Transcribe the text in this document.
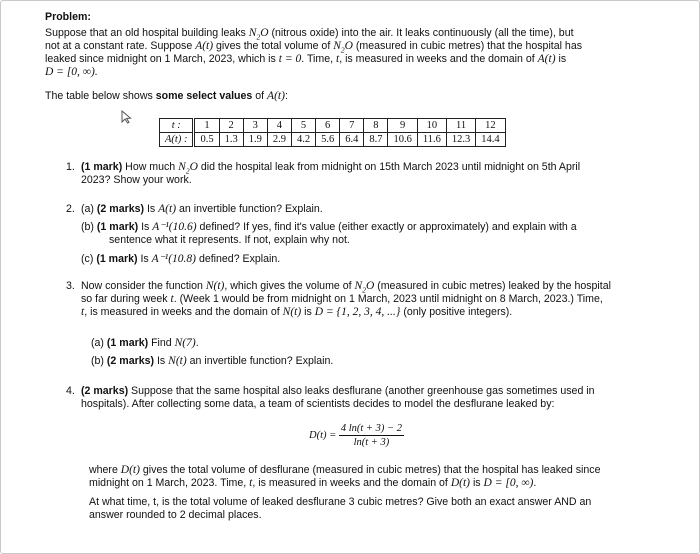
Problem:
Suppose that an old hospital building leaks $N_2O$ (nitrous oxide) into the air. It leaks continuously (all the time), but
not at a constant rate. Suppose A(t) gives the total volume of $N_2O$ (measured in cubic metres) that the hospital has
leaked since midnight on 1 March, 2023, which is t = 0. Time, t, is measured in weeks and the domain of A(t) is
D = [0, ∞).
The table below shows some select values of A(t):
t :	1	2	3	4	5	6	7	8	9	10	11	12
A(t) :	0.5	1.3	1.9	2.9	4.2	5.6	6.4	8.7	10.6	11.6	12.3	14.4
1. (1 mark) How much $N_2O$ did the hospital leak from midnight on 15th March 2023 until midnight on 5th April
2023? Show your work.
2. (a) (2 marks) Is A(t) an invertible function? Explain.
(b) (1 mark) Is A⁻¹(10.6) defined? If yes, find it's value (either exactly or approximately) and explain with a
sentence what it represents. If not, explain why not.
(c) (1 mark) Is A⁻¹(10.8) defined? Explain.
3. Now consider the function N(t), which gives the volume of $N_2O$ (measured in cubic metres) leaked by the hospital
so far during week t. (Week 1 would be from midnight on 1 March, 2023 until midnight on 8 March, 2023.) Time,
t, is measured in weeks and the domain of N(t) is D = {1, 2, 3, 4, ...} (only positive integers).
(a) (1 mark) Find N(7).
(b) (2 marks) Is N(t) an invertible function? Explain.
4. (2 marks) Suppose that the same hospital also leaks desflurane (another greenhouse gas sometimes used in
hospitals). After collecting some data, a team of scientists decides to model the desflurane leaked by:
$D(t) = \frac{4 \ln(t + 3) - 2}{\ln(t + 3)}$
where D(t) gives the total volume of desflurane (measured in cubic metres) that the hospital has leaked since
midnight on 1 March, 2023. Time, t, is measured in weeks and the domain of D(t) is D = [0, ∞).
At what time, t, is the total volume of leaked desflurane 3 cubic metres? Give both an exact answer AND an
answer rounded to 2 decimal places.
